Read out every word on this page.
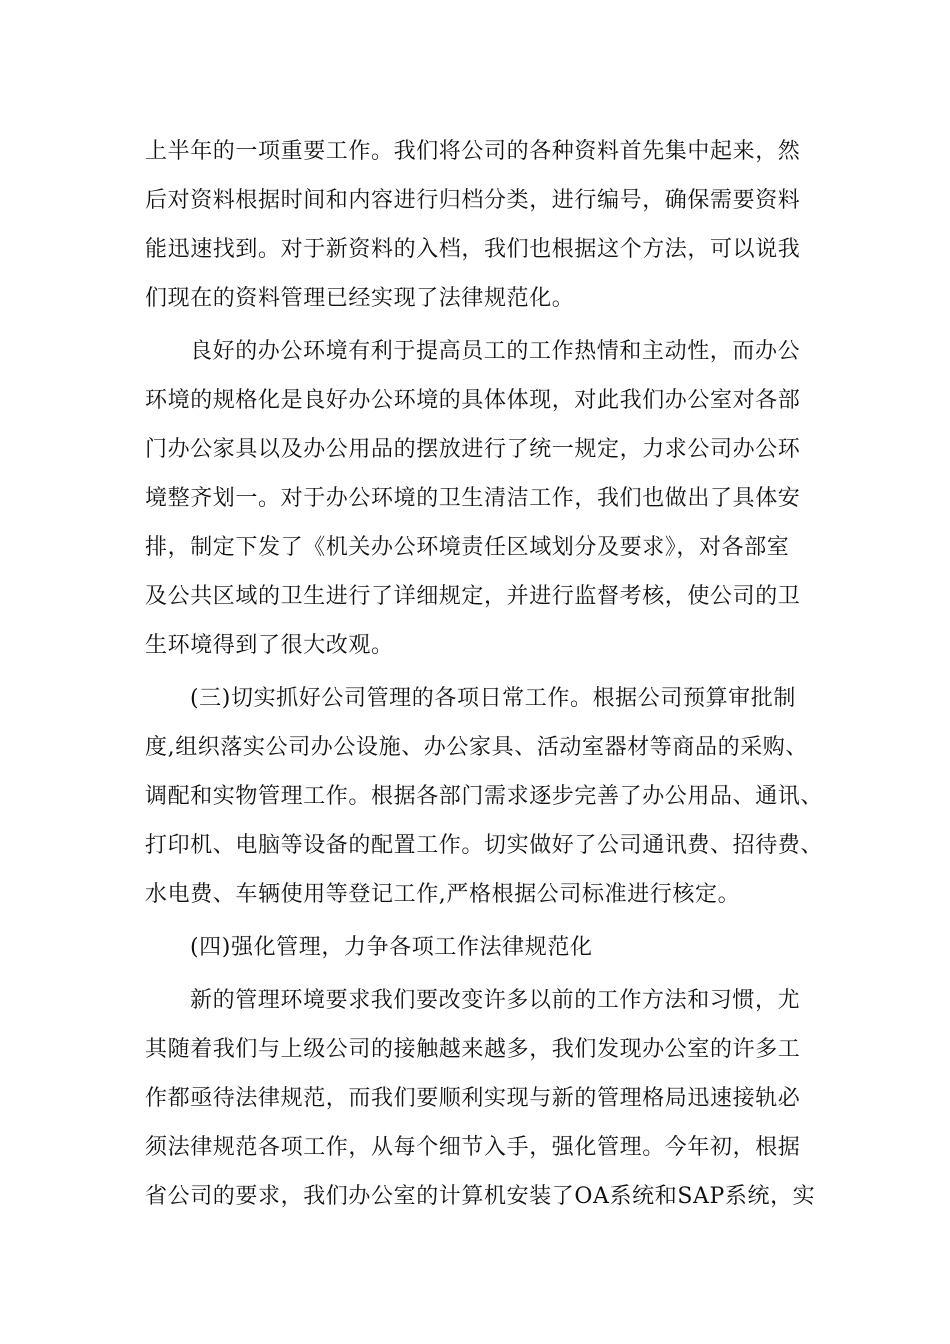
上半年的一项重要工作。我们将公司的各种资料首先集中起来，然
后对资料根据时间和内容进行归档分类，进行编号，确保需要资料
能迅速找到。对于新资料的入档，我们也根据这个方法，可以说我
们现在的资料管理已经实现了法律规范化。
良好的办公环境有利于提高员工的工作热情和主动性，而办公
环境的规格化是良好办公环境的具体体现，对此我们办公室对各部
门办公家具以及办公用品的摆放进行了统一规定，力求公司办公环
境整齐划一。对于办公环境的卫生清洁工作，我们也做出了具体安
排，制定下发了《机关办公环境责任区域划分及要求》，对各部室
及公共区域的卫生进行了详细规定，并进行监督考核，使公司的卫
生环境得到了很大改观。
(三)切实抓好公司管理的各项日常工作。根据公司预算审批制
度,组织落实公司办公设施、办公家具、活动室器材等商品的采购、
调配和实物管理工作。根据各部门需求逐步完善了办公用品、通讯、
打印机、电脑等设备的配置工作。切实做好了公司通讯费、招待费、
水电费、车辆使用等登记工作,严格根据公司标准进行核定。
(四)强化管理，力争各项工作法律规范化
新的管理环境要求我们要改变许多以前的工作方法和习惯，尤
其随着我们与上级公司的接触越来越多，我们发现办公室的许多工
作都亟待法律规范，而我们要顺利实现与新的管理格局迅速接轨必
须法律规范各项工作，从每个细节入手，强化管理。今年初，根据
省公司的要求，我们办公室的计算机安装了OA系统和SAP系统，实
